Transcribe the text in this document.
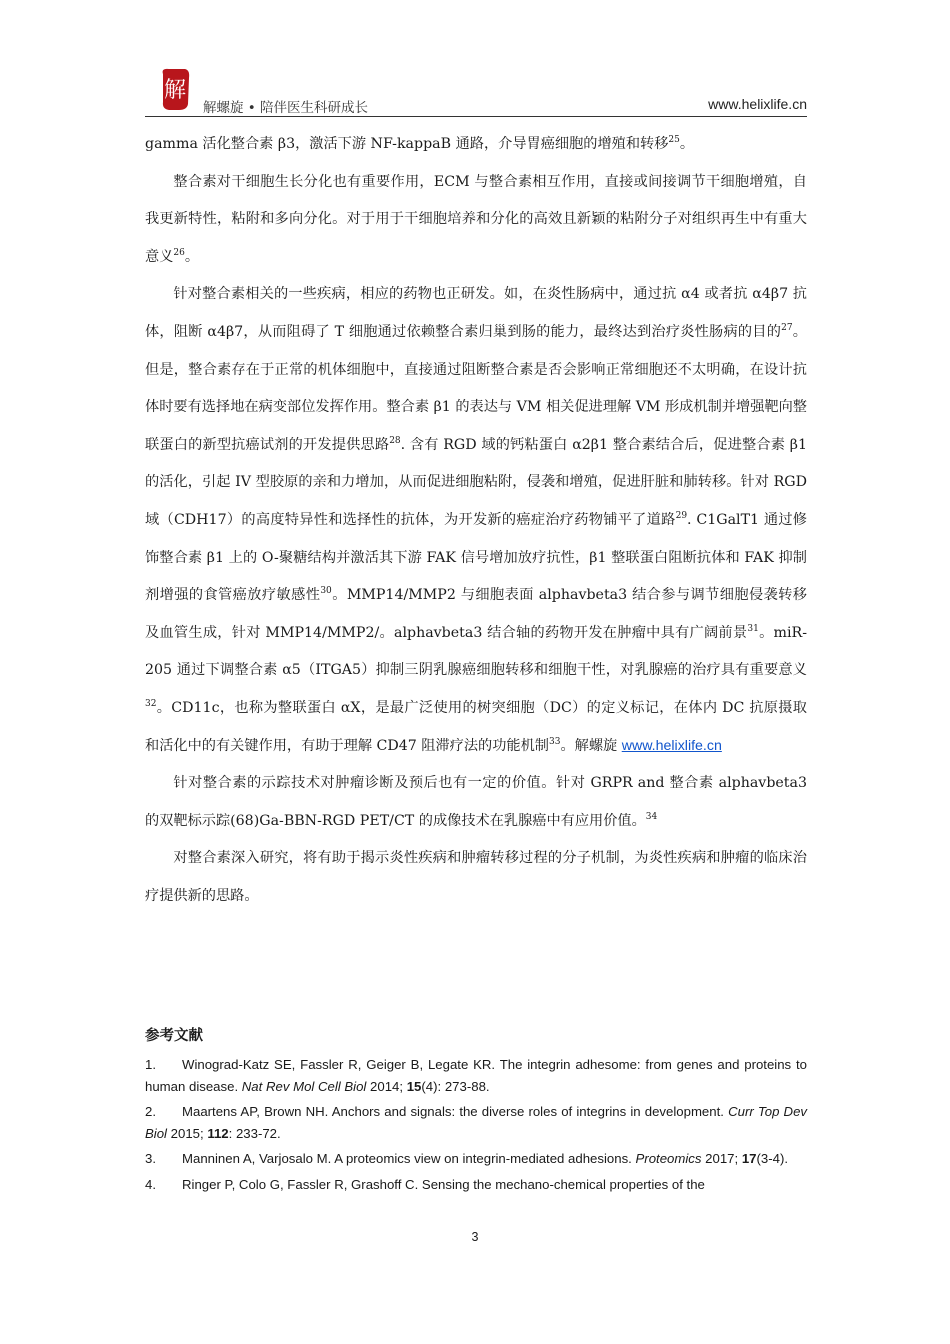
解
解螺旋 • 陪伴医生科研成长	www.helixlife.cn

gamma 活化整合素 β3，激活下游 NF-kappaB 通路，介导胃癌细胞的增殖和转移$^{25}$。

整合素对干细胞生长分化也有重要作用，ECM 与整合素相互作用，直接或间接调节干细胞增殖，自我更新特性，粘附和多向分化。对于用于干细胞培养和分化的高效且新颖的粘附分子对组织再生中有重大意义$^{26}$。

针对整合素相关的一些疾病，相应的药物也正研发。如，在炎性肠病中，通过抗 α4 或者抗 α4β7 抗体，阻断 α4β7，从而阻碍了 T 细胞通过依赖整合素归巢到肠的能力，最终达到治疗炎性肠病的目的$^{27}$。但是，整合素存在于正常的机体细胞中，直接通过阻断整合素是否会影响正常细胞还不太明确，在设计抗体时要有选择地在病变部位发挥作用。整合素 β1 的表达与 VM 相关促进理解 VM 形成机制并增强靶向整联蛋白的新型抗癌试剂的开发提供思路$^{28}$. 含有 RGD 域的钙粘蛋白 α2β1 整合素结合后，促进整合素 β1 的活化，引起 IV 型胶原的亲和力增加，从而促进细胞粘附，侵袭和增殖，促进肝脏和肺转移。针对 RGD 域（CDH17）的高度特异性和选择性的抗体，为开发新的癌症治疗药物铺平了道路$^{29}$. C1GalT1 通过修饰整合素 β1 上的 O-聚糖结构并激活其下游 FAK 信号增加放疗抗性，β1 整联蛋白阻断抗体和 FAK 抑制剂增强的食管癌放疗敏感性$^{30}$。MMP14/MMP2 与细胞表面 alphavbeta3 结合参与调节细胞侵袭转移及血管生成，针对 MMP14/MMP2/。alphavbeta3 结合轴的药物开发在肿瘤中具有广阔前景$^{31}$。miR-205 通过下调整合素 α5（ITGA5）抑制三阴乳腺癌细胞转移和细胞干性，对乳腺癌的治疗具有重要意义$^{32}$。CD11c，也称为整联蛋白 αX，是最广泛使用的树突细胞（DC）的定义标记，在体内 DC 抗原摄取和活化中的有关键作用，有助于理解 CD47 阻滞疗法的功能机制$^{33}$。解螺旋 www.helixlife.cn

针对整合素的示踪技术对肿瘤诊断及预后也有一定的价值。针对 GRPR and 整合素 alphavbeta3 的双靶标示踪(68)Ga-BBN-RGD PET/CT 的成像技术在乳腺癌中有应用价值。$^{34}$

对整合素深入研究，将有助于揭示炎性疾病和肿瘤转移过程的分子机制，为炎性疾病和肿瘤的临床治疗提供新的思路。

参考文献

1. Winograd-Katz SE, Fassler R, Geiger B, Legate KR. The integrin adhesome: from genes and proteins to human disease. Nat Rev Mol Cell Biol 2014; 15(4): 273-88.

2. Maartens AP, Brown NH. Anchors and signals: the diverse roles of integrins in development. Curr Top Dev Biol 2015; 112: 233-72.

3. Manninen A, Varjosalo M. A proteomics view on integrin-mediated adhesions. Proteomics 2017; 17(3-4).

4. Ringer P, Colo G, Fassler R, Grashoff C. Sensing the mechano-chemical properties of the

3
